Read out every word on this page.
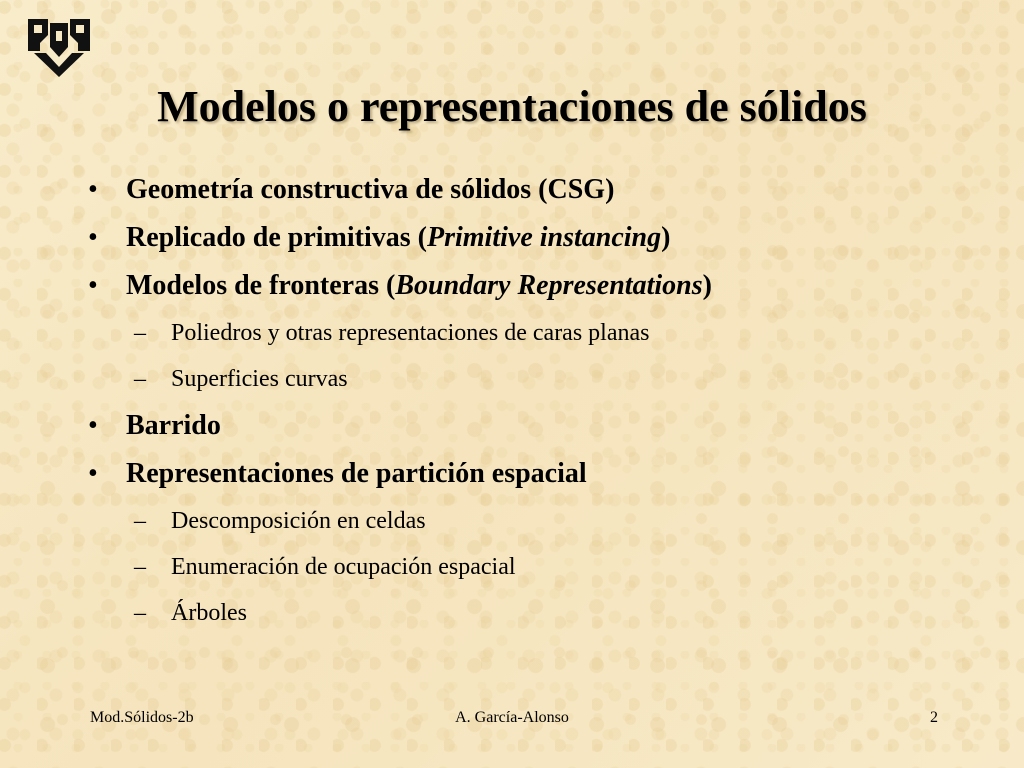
Modelos o representaciones de sólidos
• Geometría constructiva de sólidos (CSG)
• Replicado de primitivas (Primitive instancing)
• Modelos de fronteras (Boundary Representations)
– Poliedros y otras representaciones de caras planas
– Superficies curvas
• Barrido
• Representaciones de partición espacial
– Descomposición en celdas
– Enumeración de ocupación espacial
– Árboles
Mod.Sólidos-2b	A. García-Alonso	2
